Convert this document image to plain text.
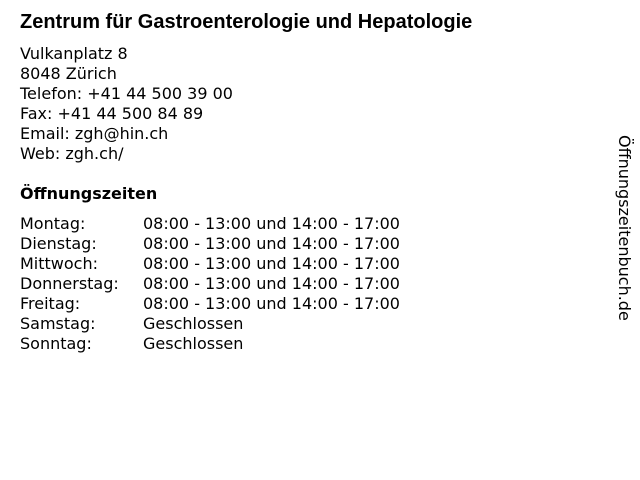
Zentrum für Gastroenterologie und Hepatologie
Vulkanplatz 8
8048 Zürich
Telefon: +41 44 500 39 00
Fax: +41 44 500 84 89
Email: zgh@hin.ch
Web: zgh.ch/
Öffnungszeiten
Montag:	08:00 - 13:00 und 14:00 - 17:00
Dienstag:	08:00 - 13:00 und 14:00 - 17:00
Mittwoch:	08:00 - 13:00 und 14:00 - 17:00
Donnerstag:	08:00 - 13:00 und 14:00 - 17:00
Freitag:	08:00 - 13:00 und 14:00 - 17:00
Samstag:	Geschlossen
Sonntag:	Geschlossen
Öffnungszeitenbuch.de
